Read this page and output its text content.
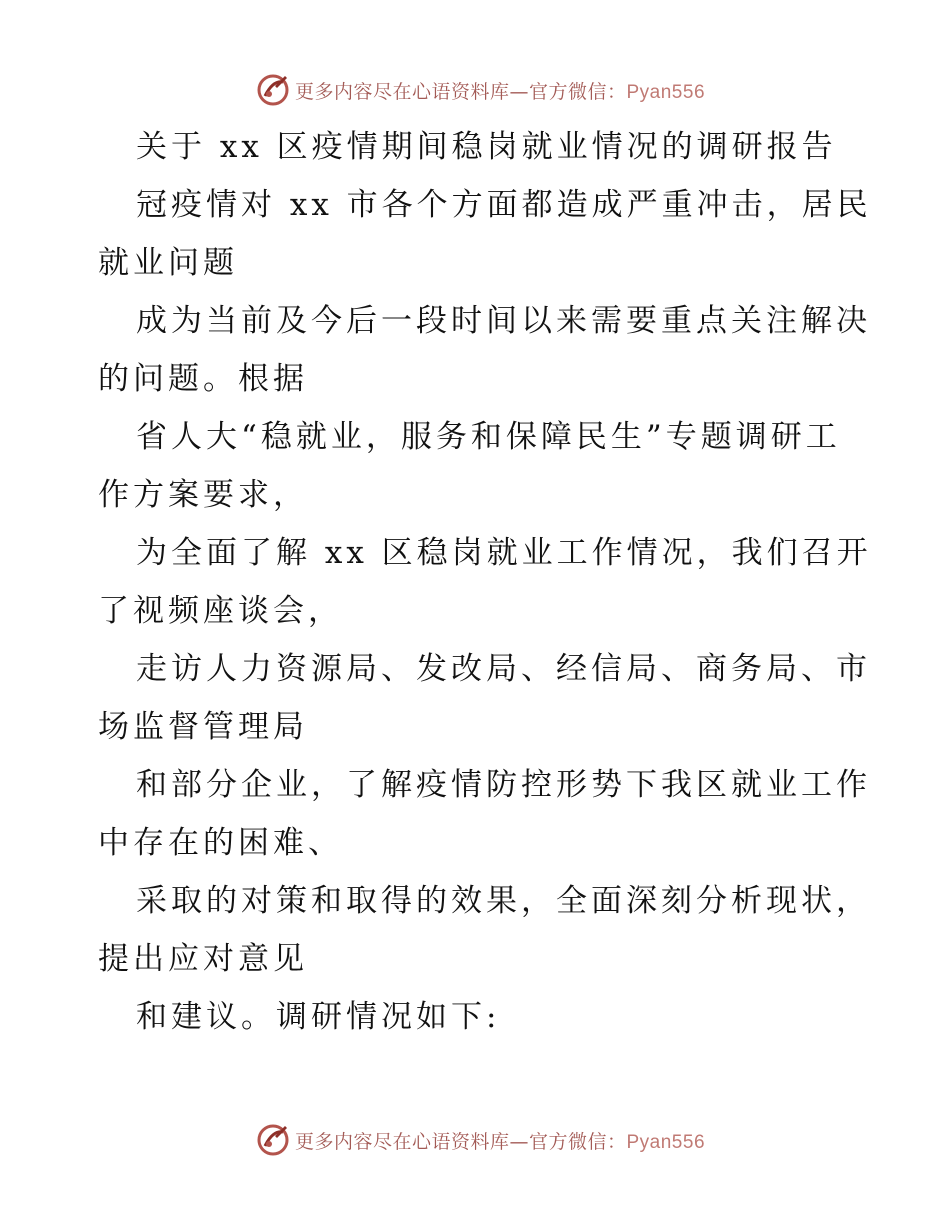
更多内容尽在心语资料库—官方微信：Pyan556
关于 xx 区疫情期间稳岗就业情况的调研报告
冠疫情对 xx 市各个方面都造成严重冲击，居民
就业问题
成为当前及今后一段时间以来需要重点关注解决
的问题。根据
省人大“稳就业，服务和保障民生”专题调研工
作方案要求，
为全面了解 xx 区稳岗就业工作情况，我们召开
了视频座谈会，
走访人力资源局、发改局、经信局、商务局、市
场监督管理局
和部分企业，了解疫情防控形势下我区就业工作
中存在的困难、
采取的对策和取得的效果，全面深刻分析现状，
提出应对意见
和建议。调研情况如下:
更多内容尽在心语资料库—官方微信：Pyan556
